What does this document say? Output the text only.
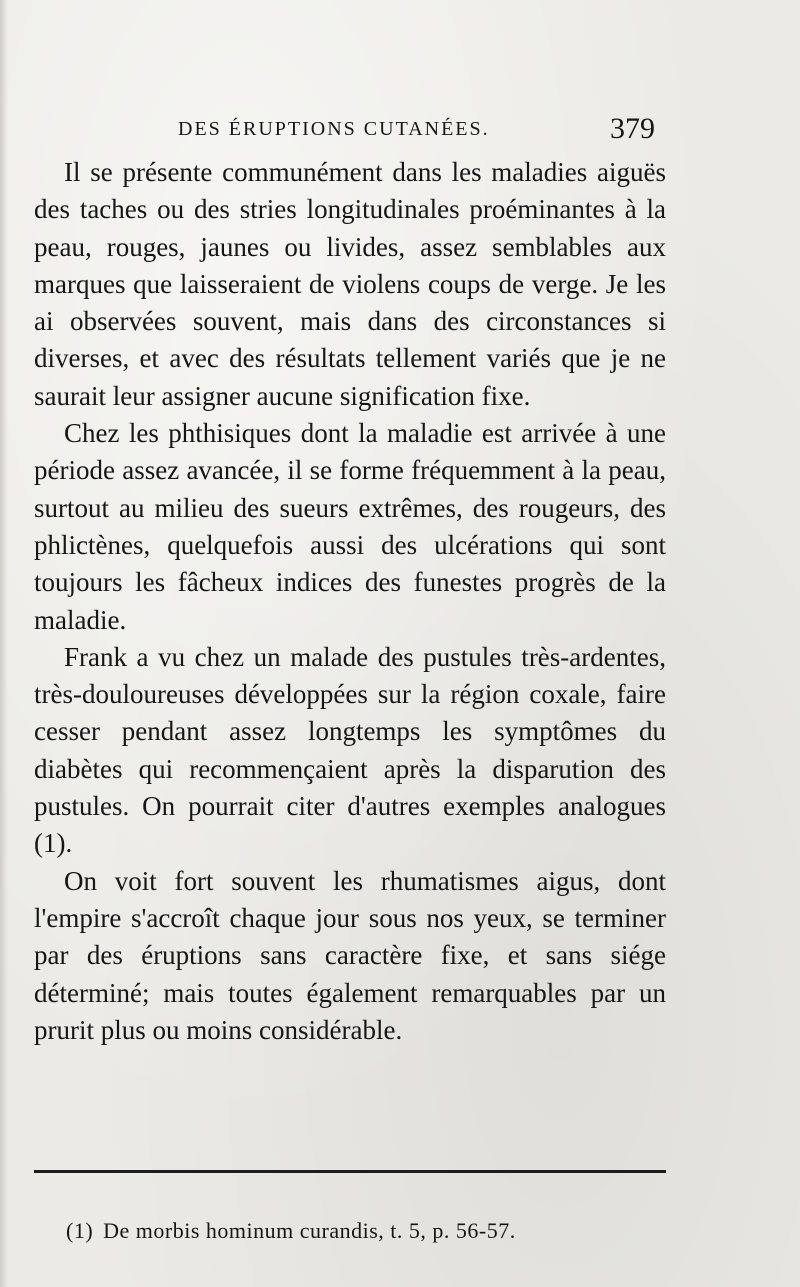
DES ÉRUPTIONS CUTANÉES.	379

Il se présente communément dans les maladies aiguës des taches ou des stries longitudinales proéminantes à la peau, rouges, jaunes ou livides, assez semblables aux marques que laisseraient de violens coups de verge. Je les ai observées souvent, mais dans des circonstances si diverses, et avec des résultats tellement variés que je ne saurait leur assigner aucune signification fixe.

Chez les phthisiques dont la maladie est arrivée à une période assez avancée, il se forme fréquemment à la peau, surtout au milieu des sueurs extrêmes, des rougeurs, des phlictènes, quelquefois aussi des ulcérations qui sont toujours les fâcheux indices des funestes progrès de la maladie.

Frank a vu chez un malade des pustules très-ardentes, très-douloureuses développées sur la région coxale, faire cesser pendant assez longtemps les symptômes du diabètes qui recommençaient après la disparution des pustules. On pourrait citer d'autres exemples analogues (1).

On voit fort souvent les rhumatismes aigus, dont l'empire s'accroît chaque jour sous nos yeux, se terminer par des éruptions sans caractère fixe, et sans siége déterminé; mais toutes également remarquables par un prurit plus ou moins considérable.

(1) De morbis hominum curandis, t. 5, p. 56-57.
